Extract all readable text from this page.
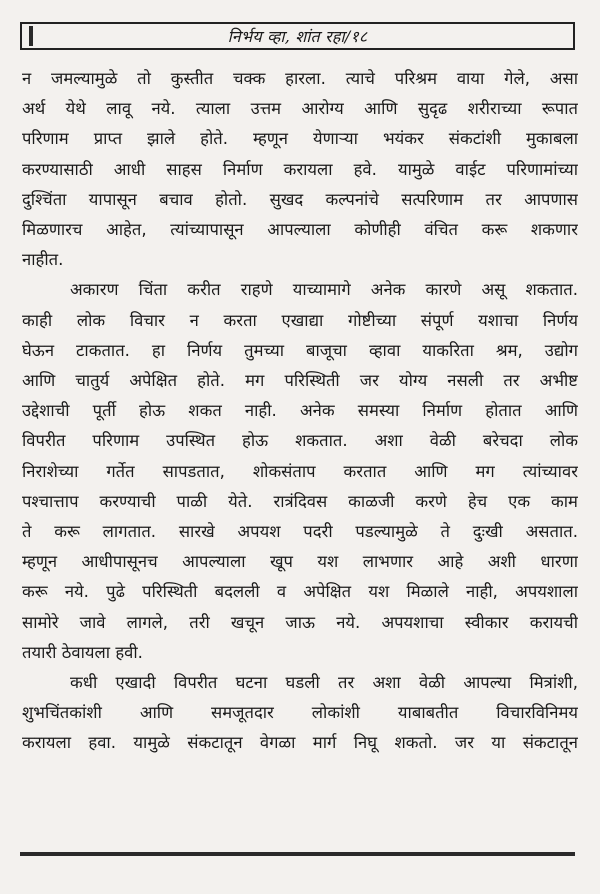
निर्भय व्हा, शांत रहा/१८
न जमल्यामुळे तो कुस्तीत चक्क हारला. त्याचे परिश्रम वाया गेले, असा
अर्थ येथे लावू नये. त्याला उत्तम आरोग्य आणि सुदृढ शरीराच्या रूपात
परिणाम प्राप्त झाले होते. म्हणून येणाऱ्या भयंकर संकटांशी मुकाबला
करण्यासाठी आधी साहस निर्माण करायला हवे. यामुळे वाईट परिणामांच्या
दुश्चिंता यापासून बचाव होतो. सुखद कल्पनांचे सत्परिणाम तर आपणास
मिळणारच आहेत, त्यांच्यापासून आपल्याला कोणीही वंचित करू शकणार
नाहीत.
अकारण चिंता करीत राहणे याच्यामागे अनेक कारणे असू शकतात.
काही लोक विचार न करता एखाद्या गोष्टीच्या संपूर्ण यशाचा निर्णय
घेऊन टाकतात. हा निर्णय तुमच्या बाजूचा व्हावा याकरिता श्रम, उद्योग
आणि चातुर्य अपेक्षित होते. मग परिस्थिती जर योग्य नसली तर अभीष्ट
उद्देशाची पूर्ती होऊ शकत नाही. अनेक समस्या निर्माण होतात आणि
विपरीत परिणाम उपस्थित होऊ शकतात. अशा वेळी बरेचदा लोक
निराशेच्या गर्तेत सापडतात, शोकसंताप करतात आणि मग त्यांच्यावर
पश्चात्ताप करण्याची पाळी येते. रात्रंदिवस काळजी करणे हेच एक काम
ते करू लागतात. सारखे अपयश पदरी पडल्यामुळे ते दुःखी असतात.
म्हणून आधीपासूनच आपल्याला खूप यश लाभणार आहे अशी धारणा
करू नये. पुढे परिस्थिती बदलली व अपेक्षित यश मिळाले नाही, अपयशाला
सामोरे जावे लागले, तरी खचून जाऊ नये. अपयशाचा स्वीकार करायची
तयारी ठेवायला हवी.
कधी एखादी विपरीत घटना घडली तर अशा वेळी आपल्या मित्रांशी,
शुभचिंतकांशी आणि समजूतदार लोकांशी याबाबतीत विचारविनिमय
करायला हवा. यामुळे संकटातून वेगळा मार्ग निघू शकतो. जर या संकटातून
